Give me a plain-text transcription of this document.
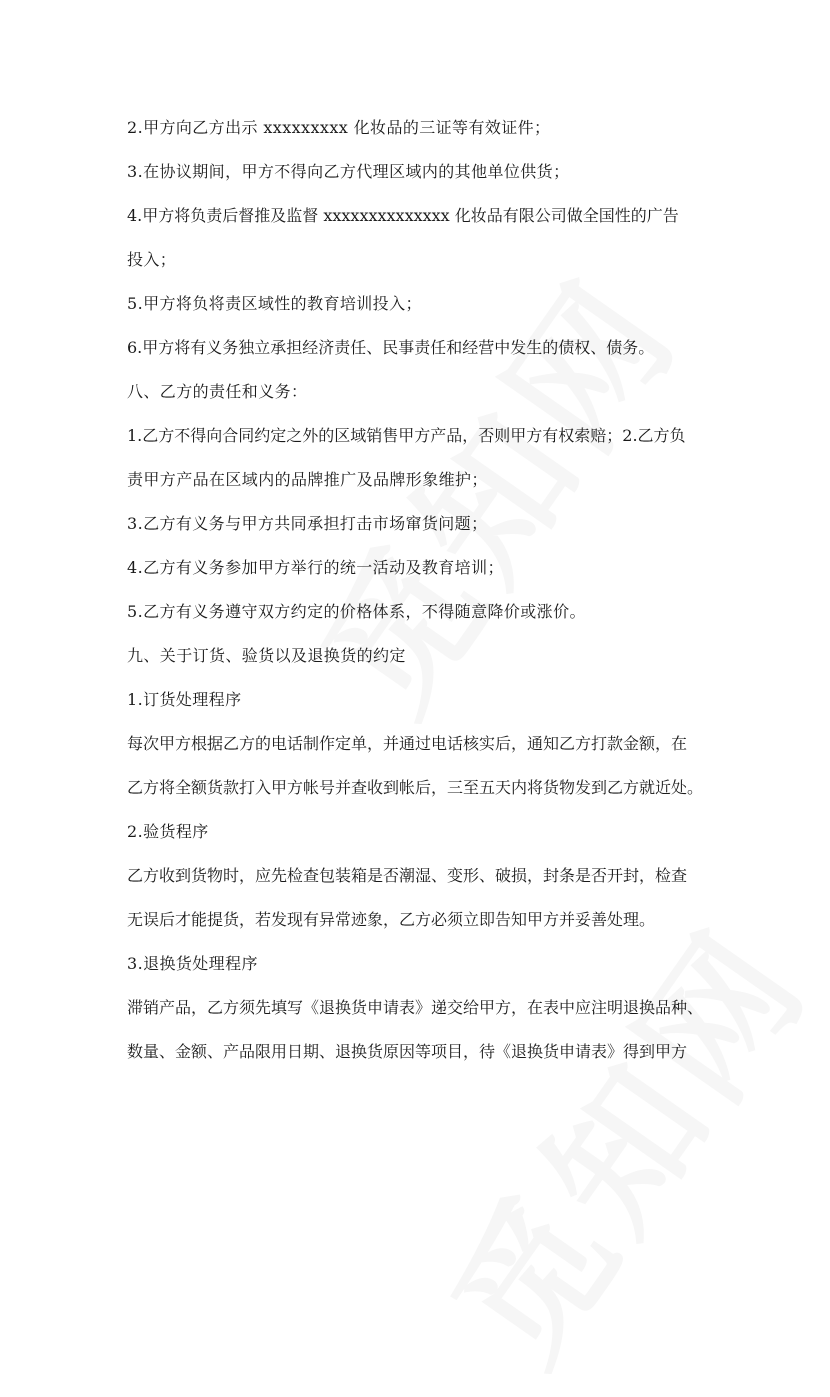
2.甲方向乙方出示 xxxxxxxxx 化妆品的三证等有效证件；
3.在协议期间，甲方不得向乙方代理区域内的其他单位供货；
4.甲方将负责后督推及监督 xxxxxxxxxxxxxx 化妆品有限公司做全国性的广告
投入；
5.甲方将负将责区域性的教育培训投入；
6.甲方将有义务独立承担经济责任、民事责任和经营中发生的债权、债务。
八、乙方的责任和义务：
1.乙方不得向合同约定之外的区域销售甲方产品，否则甲方有权索赔；2.乙方负
责甲方产品在区域内的品牌推广及品牌形象维护；
3.乙方有义务与甲方共同承担打击市场窜货问题；
4.乙方有义务参加甲方举行的统一活动及教育培训；
5.乙方有义务遵守双方约定的价格体系，不得随意降价或涨价。
九、关于订货、验货以及退换货的约定
1.订货处理程序
每次甲方根据乙方的电话制作定单，并通过电话核实后，通知乙方打款金额，在
乙方将全额货款打入甲方帐号并查收到帐后，三至五天内将货物发到乙方就近处。
2.验货程序
乙方收到货物时，应先检查包装箱是否潮湿、变形、破损，封条是否开封，检查
无误后才能提货，若发现有异常迹象，乙方必须立即告知甲方并妥善处理。
3.退换货处理程序
滞销产品，乙方须先填写《退换货申请表》递交给甲方，在表中应注明退换品种、
数量、金额、产品限用日期、退换货原因等项目，待《退换货申请表》得到甲方
